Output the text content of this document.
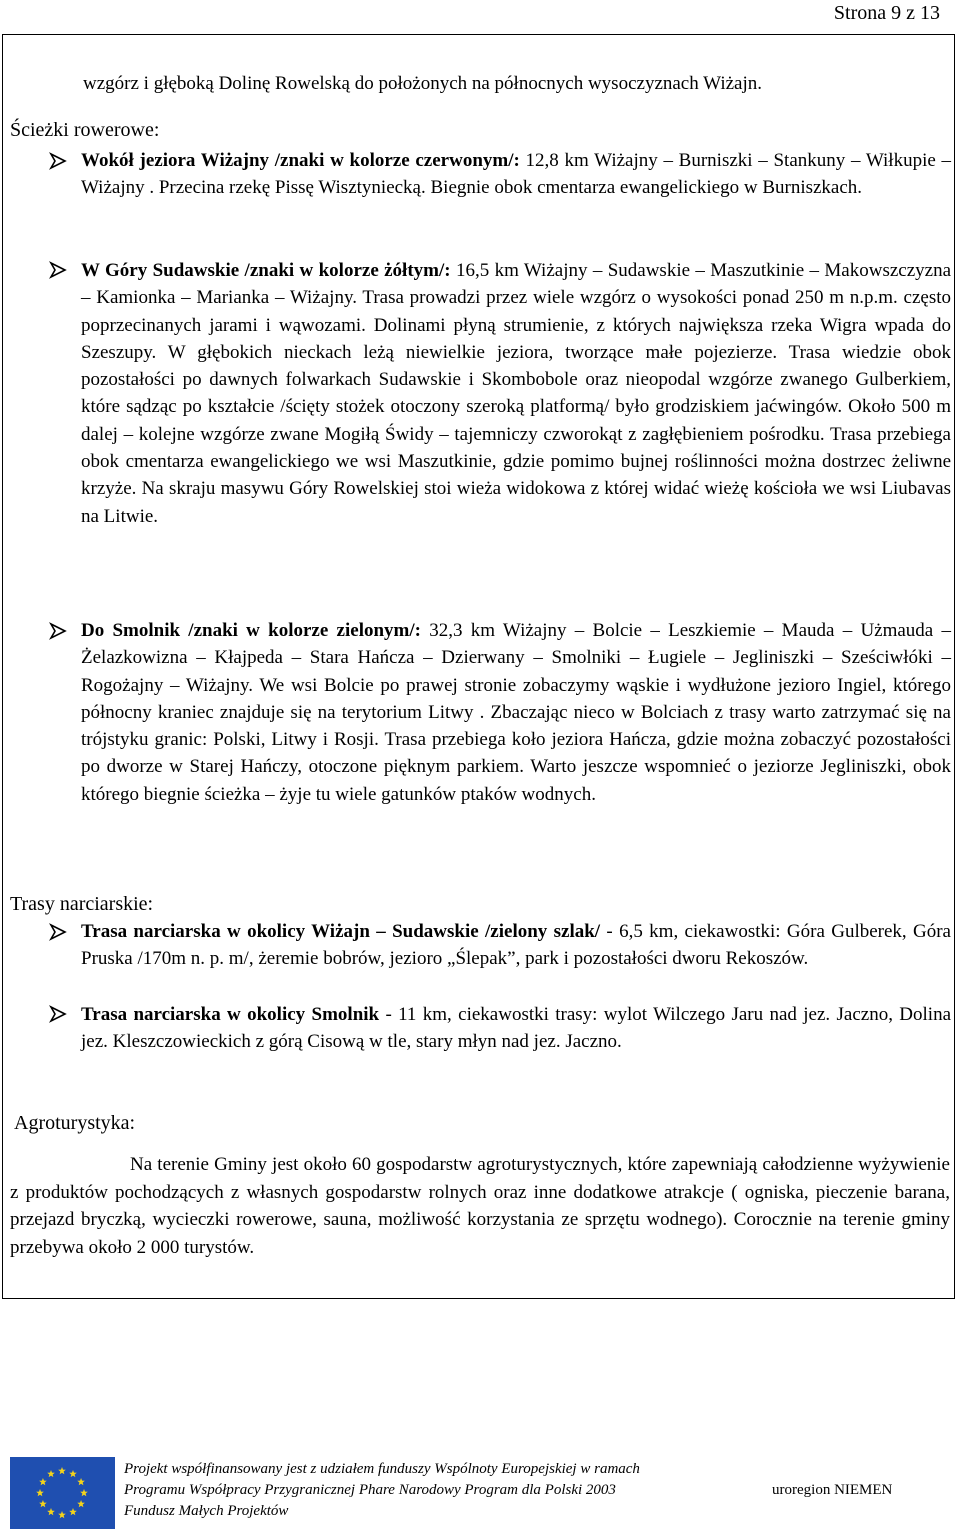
Strona 9 z 13
wzgórz i głęboką Dolinę Rowelską do położonych na północnych wysoczyznach Wiżajn.
Ścieżki rowerowe:
Wokół jeziora Wiżajny /znaki w kolorze czerwonym/: 12,8 km Wiżajny – Burniszki – Stankuny – Wiłkupie – Wiżajny . Przecina rzekę Pissę Wisztyniecką. Biegnie obok cmentarza ewangelickiego w Burniszkach.
W Góry Sudawskie /znaki w kolorze żółtym/: 16,5 km Wiżajny – Sudawskie – Maszutkinie – Makowszczyzna – Kamionka – Marianka – Wiżajny. Trasa prowadzi przez wiele wzgórz o wysokości ponad 250 m n.p.m. często poprzecinanych jarami i wąwozami. Dolinami płyną strumienie, z których największa rzeka Wigra wpada do Szeszupy. W głębokich nieckach leżą niewielkie jeziora, tworzące małe pojezierze. Trasa wiedzie obok pozostałości po dawnych folwarkach Sudawskie i Skombobole oraz nieopodal wzgórze zwanego Gulberkiem, które sądząc po kształcie /ścięty stożek otoczony szeroką platformą/ było grodziskiem jaćwingów. Około 500 m dalej – kolejne wzgórze zwane Mogiłą Świdy – tajemniczy czworokąt z zagłębieniem pośrodku. Trasa przebiega obok cmentarza ewangelickiego we wsi Maszutkinie, gdzie pomimo bujnej roślinności można dostrzec żeliwne krzyże. Na skraju masywu Góry Rowelskiej stoi wieża widokowa z której widać wieżę kościoła we wsi Liubavas na Litwie.
Do Smolnik /znaki w kolorze zielonym/: 32,3 km Wiżajny – Bolcie – Leszkiemie – Mauda – Użmauda – Żelazkowizna – Kłajpeda – Stara Hańcza – Dzierwany – Smolniki – Ługiele – Jegliniszki – Sześciwłóki – Rogożajny – Wiżajny. We wsi Bolcie po prawej stronie zobaczymy wąskie i wydłużone jezioro Ingiel, którego północny kraniec znajduje się na terytorium Litwy . Zbaczając nieco w Bolciach z trasy warto zatrzymać się na trójstyku granic: Polski, Litwy i Rosji. Trasa przebiega koło jeziora Hańcza, gdzie można zobaczyć pozostałości po dworze w Starej Hańczy, otoczone pięknym parkiem. Warto jeszcze wspomnieć o jeziorze Jegliniszki, obok którego biegnie ścieżka – żyje tu wiele gatunków ptaków wodnych.
Trasy narciarskie:
Trasa narciarska w okolicy Wiżajn – Sudawskie /zielony szlak/ - 6,5 km, ciekawostki: Góra Gulberek, Góra Pruska /170m n. p. m/, żeremie bobrów, jezioro „Ślepak”, park i pozostałości dworu Rekoszów.
Trasa narciarska w okolicy Smolnik - 11 km, ciekawostki trasy: wylot Wilczego Jaru nad jez. Jaczno, Dolina jez. Kleszczowieckich z górą Cisową w tle, stary młyn nad jez. Jaczno.
Agroturystyka:
Na terenie Gminy jest około 60 gospodarstw agroturystycznych, które zapewniają całodzienne wyżywienie z produktów pochodzących z własnych gospodarstw rolnych oraz inne dodatkowe atrakcje ( ogniska, pieczenie barana, przejazd bryczką, wycieczki rowerowe, sauna, możliwość korzystania ze sprzętu wodnego). Corocznie na terenie gminy przebywa około 2 000 turystów.
Projekt współfinansowany jest z udziałem funduszy Wspólnoty Europejskiej w ramach
Programu Współpracy Przygranicznej Phare Narodowy Program dla Polski 2003
Fundusz Małych Projektów
uroregion NIEMEN
